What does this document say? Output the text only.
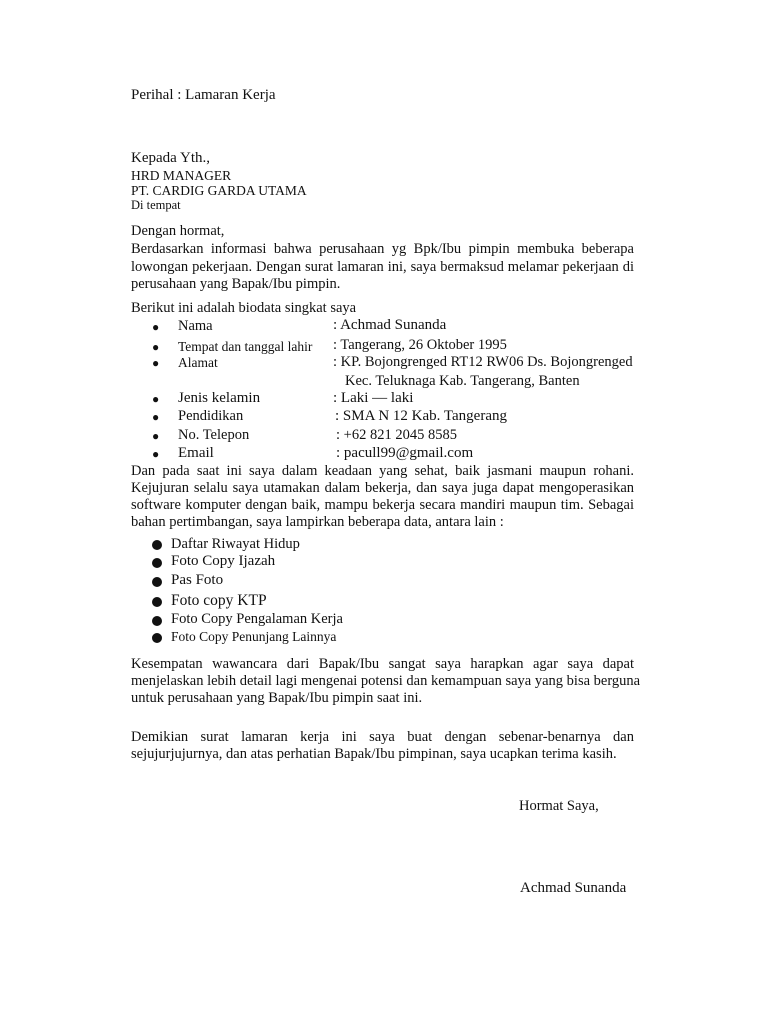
Perihal : Lamaran Kerja
Kepada Yth.,
HRD MANAGER
PT. CARDIG GARDA UTAMA
Di tempat
Dengan hormat,
Berdasarkan informasi bahwa perusahaan yg Bpk/Ibu pimpin membuka beberapa
lowongan pekerjaan. Dengan surat lamaran ini, saya bermaksud melamar pekerjaan di
perusahaan yang Bapak/Ibu pimpin.
Berikut ini adalah biodata singkat saya
● Nama	: Achmad Sunanda
● Tempat dan tanggal lahir : Tangerang, 26 Oktober 1995
● Alamat	: KP. Bojongrenged RT12 RW06 Ds. Bojongrenged
Kec. Teluknaga Kab. Tangerang, Banten
● Jenis kelamin	: Laki — laki
● Pendidikan	: SMA N 12 Kab. Tangerang
● No. Telepon	: +62 821 2045 8585
● Email	: pacull99@gmail.com
Dan pada saat ini saya dalam keadaan yang sehat, baik jasmani maupun rohani.
Kejujuran selalu saya utamakan dalam bekerja, dan saya juga dapat mengoperasikan
software komputer dengan baik, mampu bekerja secara mandiri maupun tim. Sebagai
bahan pertimbangan, saya lampirkan beberapa data, antara lain :
Daftar Riwayat Hidup
Foto Copy Ijazah
Pas Foto
Foto copy KTP
Foto Copy Pengalaman Kerja
Foto Copy Penunjang Lainnya
Kesempatan wawancara dari Bapak/Ibu sangat saya harapkan agar saya dapat
menjelaskan lebih detail lagi mengenai potensi dan kemampuan saya yang bisa berguna
untuk perusahaan yang Bapak/Ibu pimpin saat ini.
Demikian surat lamaran kerja ini saya buat dengan sebenar-benarnya dan
sejujurjujurnya, dan atas perhatian Bapak/Ibu pimpinan, saya ucapkan terima kasih.
Hormat Saya,
Achmad Sunanda
